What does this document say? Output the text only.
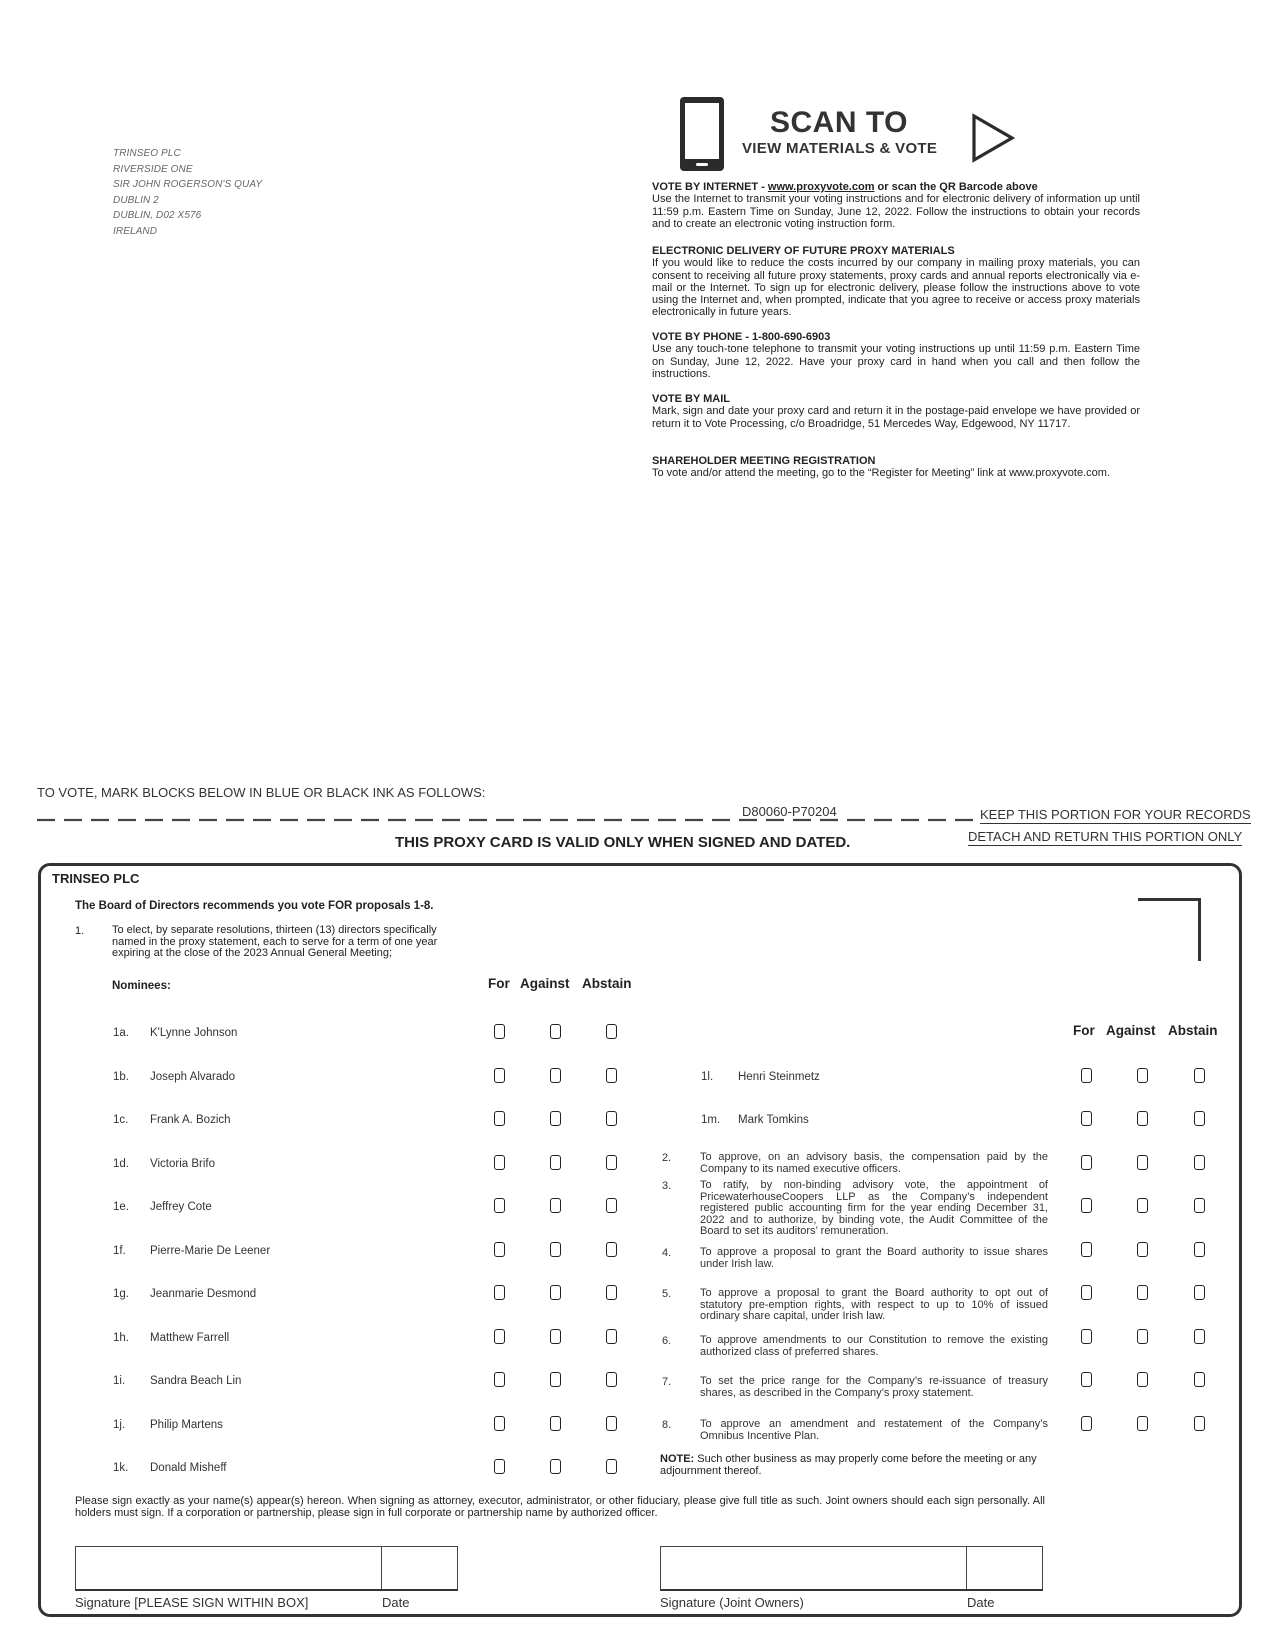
TRINSEO PLC
RIVERSIDE ONE
SIR JOHN ROGERSON'S QUAY
DUBLIN 2
DUBLIN, D02 X576
IRELAND
SCAN TO
VIEW MATERIALS & VOTE
VOTE BY INTERNET - www.proxyvote.com or scan the QR Barcode above

Use the Internet to transmit your voting instructions and for electronic delivery of information up until 11:59 p.m. Eastern Time on Sunday, June 12, 2022. Follow the instructions to obtain your records and to create an electronic voting instruction form.

ELECTRONIC DELIVERY OF FUTURE PROXY MATERIALS

If you would like to reduce the costs incurred by our company in mailing proxy materials, you can consent to receiving all future proxy statements, proxy cards and annual reports electronically via e-mail or the Internet. To sign up for electronic delivery, please follow the instructions above to vote using the Internet and, when prompted, indicate that you agree to receive or access proxy materials electronically in future years.

VOTE BY PHONE - 1-800-690-6903

Use any touch-tone telephone to transmit your voting instructions up until 11:59 p.m. Eastern Time on Sunday, June 12, 2022. Have your proxy card in hand when you call and then follow the instructions.

VOTE BY MAIL

Mark, sign and date your proxy card and return it in the postage-paid envelope we have provided or return it to Vote Processing, c/o Broadridge, 51 Mercedes Way, Edgewood, NY 11717.

SHAREHOLDER MEETING REGISTRATION

To vote and/or attend the meeting, go to the “Register for Meeting” link at www.proxyvote.com.

TO VOTE, MARK BLOCKS BELOW IN BLUE OR BLACK INK AS FOLLOWS:
D80060-P70204	KEEP THIS PORTION FOR YOUR RECORDS
DETACH AND RETURN THIS PORTION ONLY
THIS PROXY CARD IS VALID ONLY WHEN SIGNED AND DATED.
TRINSEO PLC
The Board of Directors recommends you vote FOR proposals 1-8.
1.	To elect, by separate resolutions, thirteen (13) directors specifically named in the proxy statement, each to serve for a term of one year expiring at the close of the 2023 Annual General Meeting;
Nominees:	For Against Abstain
For Against Abstain
1a. K'Lynne Johnson
1b. Joseph Alvarado
1c. Frank A. Bozich
1d. Victoria Brifo
1e. Jeffrey Cote
1f. Pierre-Marie De Leener
1g. Jeanmarie Desmond
1h. Matthew Farrell
1i. Sandra Beach Lin
1j. Philip Martens
1k. Donald Misheff
1l. Henri Steinmetz
1m. Mark Tomkins
2.	To approve, on an advisory basis, the compensation paid by the Company to its named executive officers.
3.	To ratify, by non-binding advisory vote, the appointment of PricewaterhouseCoopers LLP as the Company’s independent registered public accounting firm for the year ending December 31, 2022 and to authorize, by binding vote, the Audit Committee of the Board to set its auditors’ remuneration.
4.	To approve a proposal to grant the Board authority to issue shares under Irish law.
5.	To approve a proposal to grant the Board authority to opt out of statutory pre-emption rights, with respect to up to 10% of issued ordinary share capital, under Irish law.
6.	To approve amendments to our Constitution to remove the existing authorized class of preferred shares.
7.	To set the price range for the Company’s re-issuance of treasury shares, as described in the Company’s proxy statement.
8.	To approve an amendment and restatement of the Company’s Omnibus Incentive Plan.
NOTE: Such other business as may properly come before the meeting or any adjournment thereof.
Please sign exactly as your name(s) appear(s) hereon. When signing as attorney, executor, administrator, or other fiduciary, please give full title as such. Joint owners should each sign personally. All holders must sign. If a corporation or partnership, please sign in full corporate or partnership name by authorized officer.
Signature [PLEASE SIGN WITHIN BOX]	Date	Signature (Joint Owners)	Date
